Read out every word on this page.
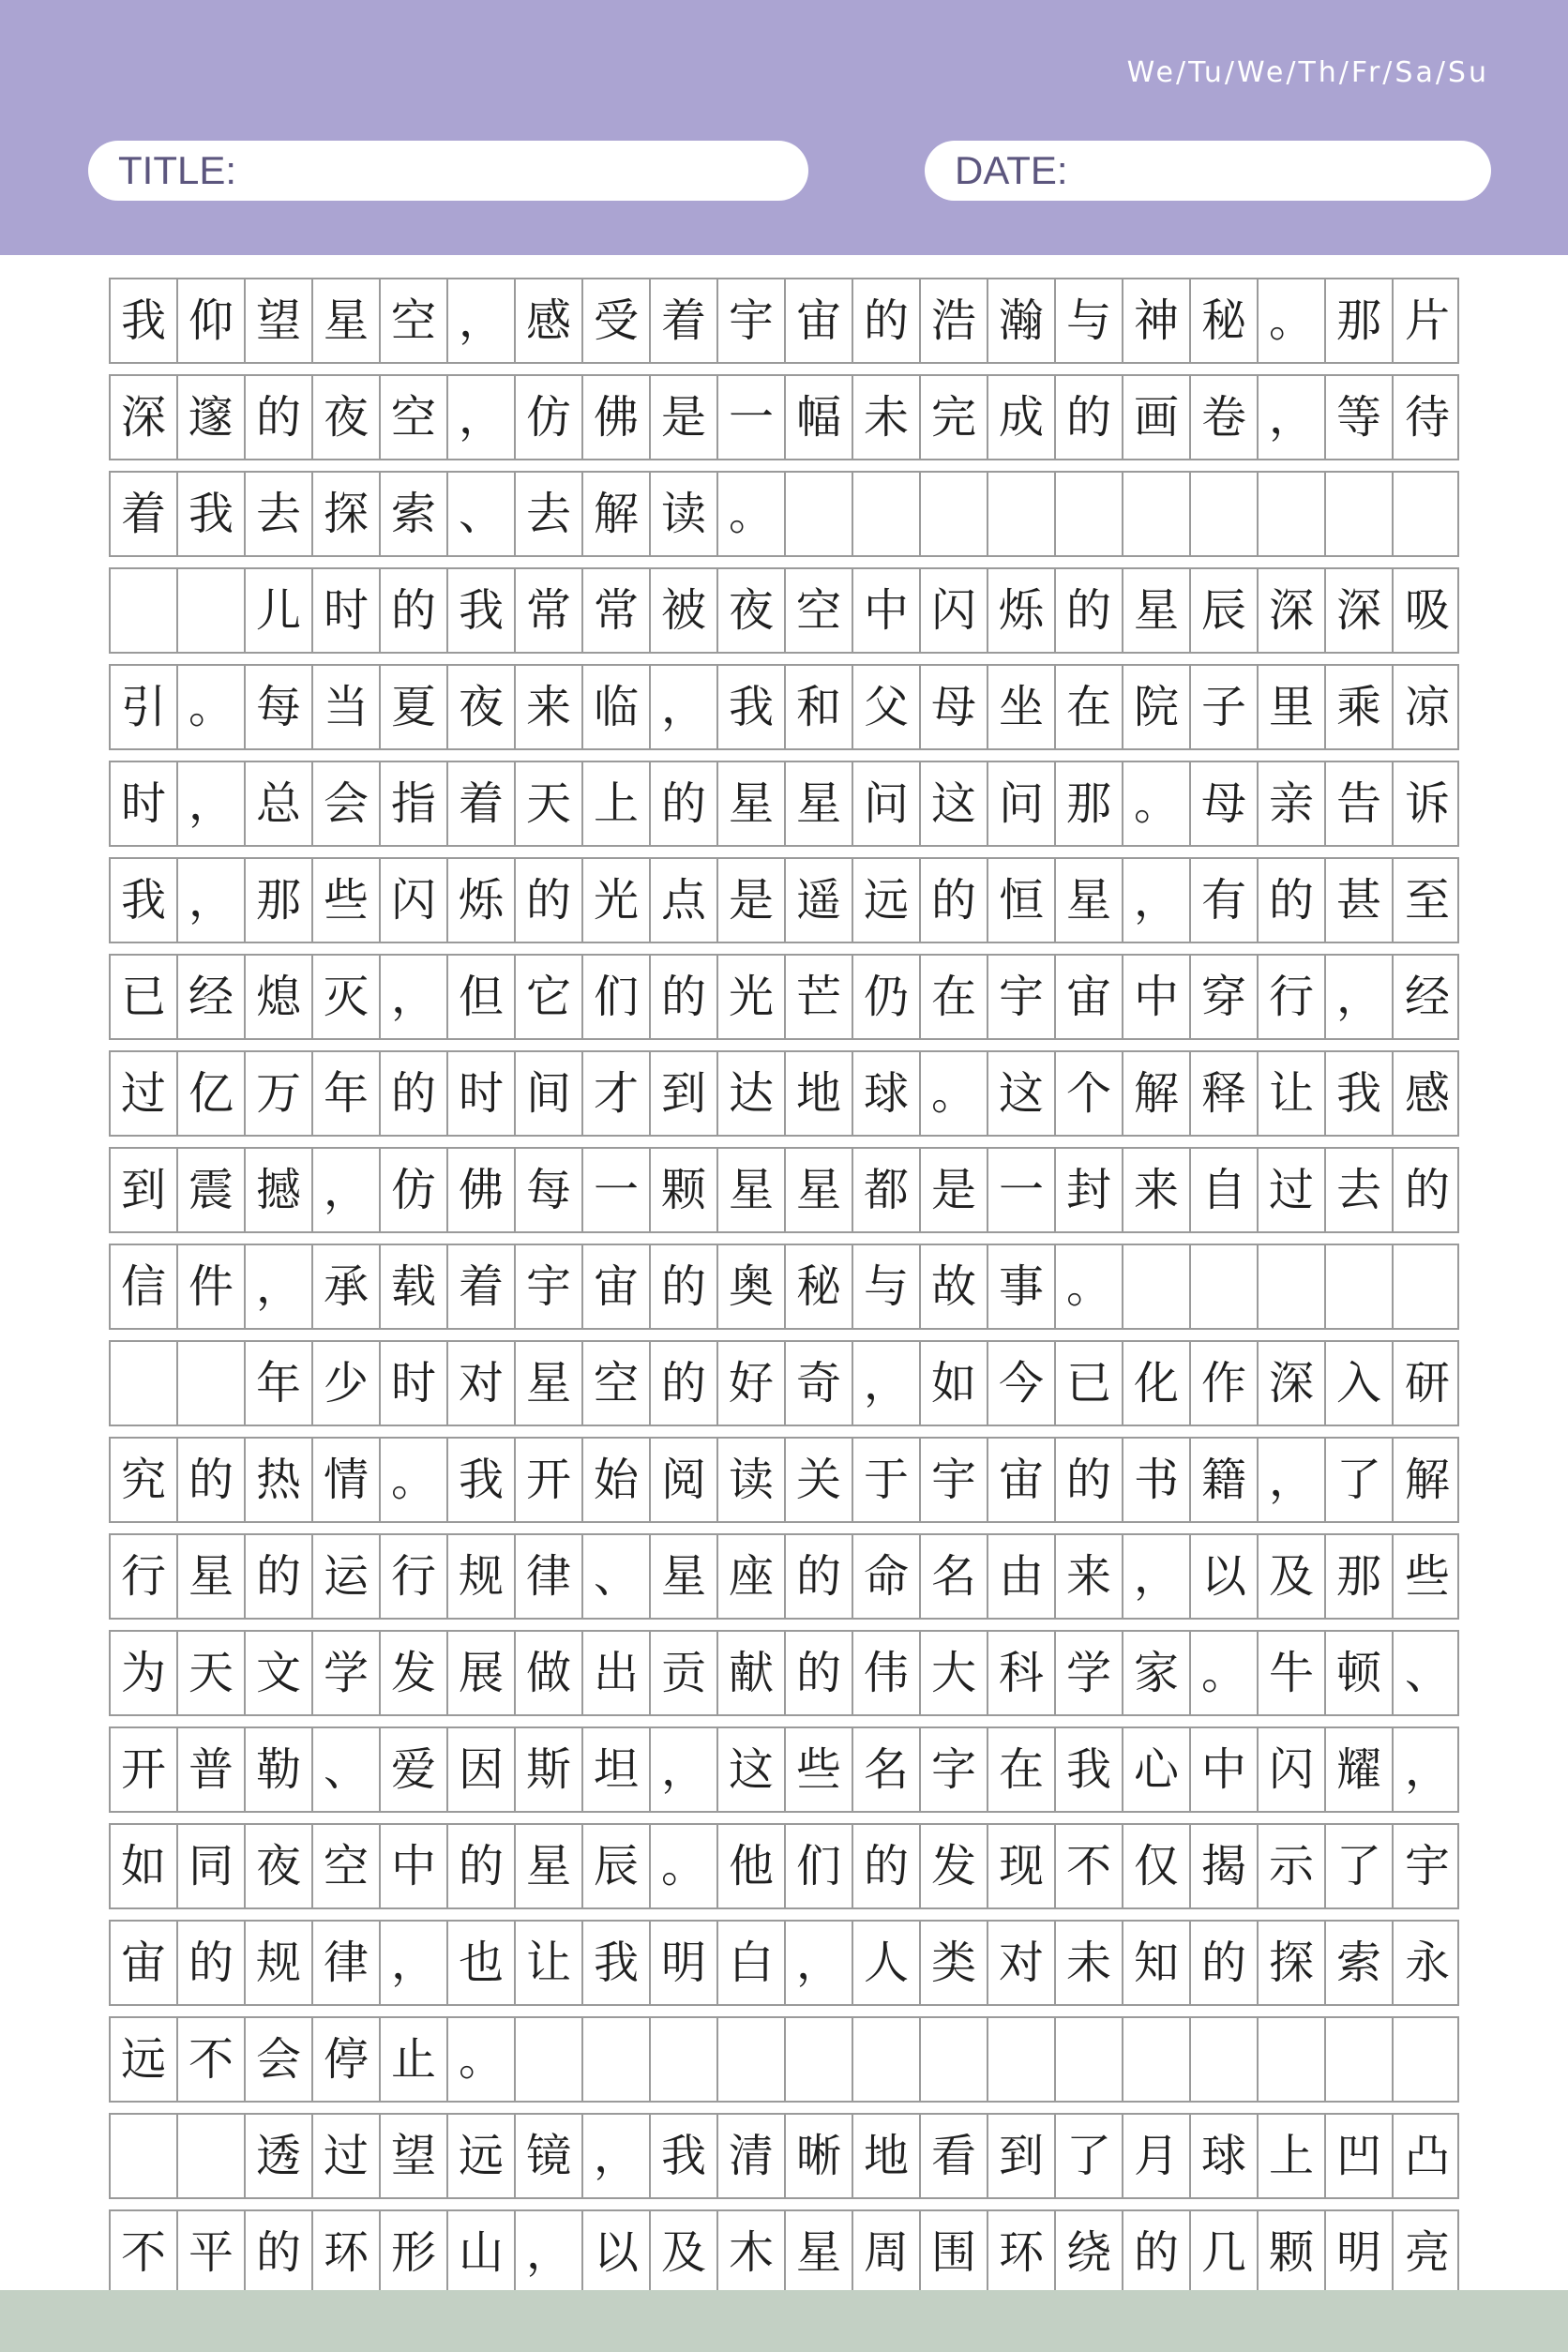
We/Tu/We/Th/Fr/Sa/Su
TITLE:	DATE:
我 仰 望 星 空 ， 感 受 着 宇 宙 的 浩 瀚 与 神 秘 。 那 片
深 邃 的 夜 空 ， 仿 佛 是 一 幅 未 完 成 的 画 卷 ， 等 待
着 我 去 探 索 、 去 解 读 。
儿 时 的 我 常 常 被 夜 空 中 闪 烁 的 星 辰 深 深 吸
引 。 每 当 夏 夜 来 临 ， 我 和 父 母 坐 在 院 子 里 乘 凉
时 ， 总 会 指 着 天 上 的 星 星 问 这 问 那 。 母 亲 告 诉
我 ， 那 些 闪 烁 的 光 点 是 遥 远 的 恒 星 ， 有 的 甚 至
已 经 熄 灭 ， 但 它 们 的 光 芒 仍 在 宇 宙 中 穿 行 ， 经
过 亿 万 年 的 时 间 才 到 达 地 球 。 这 个 解 释 让 我 感
到 震 撼 ， 仿 佛 每 一 颗 星 星 都 是 一 封 来 自 过 去 的
信 件 ， 承 载 着 宇 宙 的 奥 秘 与 故 事 。
年 少 时 对 星 空 的 好 奇 ， 如 今 已 化 作 深 入 研
究 的 热 情 。 我 开 始 阅 读 关 于 宇 宙 的 书 籍 ， 了 解
行 星 的 运 行 规 律 、 星 座 的 命 名 由 来 ， 以 及 那 些
为 天 文 学 发 展 做 出 贡 献 的 伟 大 科 学 家 。 牛 顿 、
开 普 勒 、 爱 因 斯 坦 ， 这 些 名 字 在 我 心 中 闪 耀 ，
如 同 夜 空 中 的 星 辰 。 他 们 的 发 现 不 仅 揭 示 了 宇
宙 的 规 律 ， 也 让 我 明 白 ， 人 类 对 未 知 的 探 索 永
远 不 会 停 止 。
透 过 望 远 镜 ， 我 清 晰 地 看 到 了 月 球 上 凹 凸
不 平 的 环 形 山 ， 以 及 木 星 周 围 环 绕 的 几 颗 明 亮
